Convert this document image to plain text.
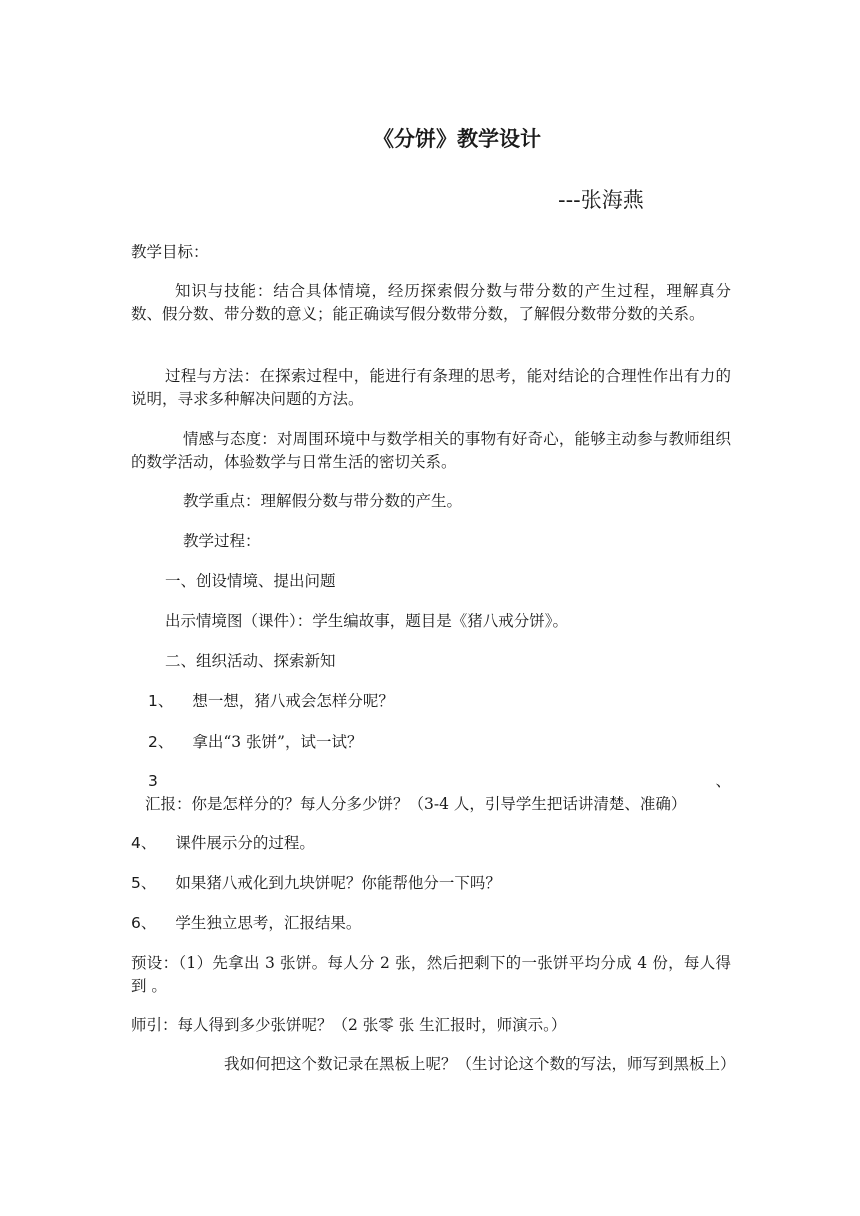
《分饼》教学设计
---张海燕
教学目标：
知识与技能：结合具体情境，经历探索假分数与带分数的产生过程，理解真分数、假分数、带分数的意义；能正确读写假分数带分数，了解假分数带分数的关系。
过程与方法：在探索过程中，能进行有条理的思考，能对结论的合理性作出有力的说明，寻求多种解决问题的方法。
情感与态度：对周围环境中与数学相关的事物有好奇心，能够主动参与教师组织的数学活动，体验数学与日常生活的密切关系。
教学重点：理解假分数与带分数的产生。
教学过程：
一、创设情境、提出问题
出示情境图（课件）：学生编故事，题目是《猪八戒分饼》。
二、组织活动、探索新知
1、 想一想，猪八戒会怎样分呢？
2、 拿出“3 张饼”，试一试？
3、 汇报：你是怎样分的？每人分多少饼？（3-4 人，引导学生把话讲清楚、准确）
4、 课件展示分的过程。
5、 如果猪八戒化到九块饼呢？你能帮他分一下吗？
6、 学生独立思考，汇报结果。
预设：（1）先拿出 3 张饼。每人分 2 张，然后把剩下的一张饼平均分成 4 份，每人得到 。
师引：每人得到多少张饼呢？（2 张零 张 生汇报时，师演示。）
我如何把这个数记录在黑板上呢？（生讨论这个数的写法，师写到黑板上）
